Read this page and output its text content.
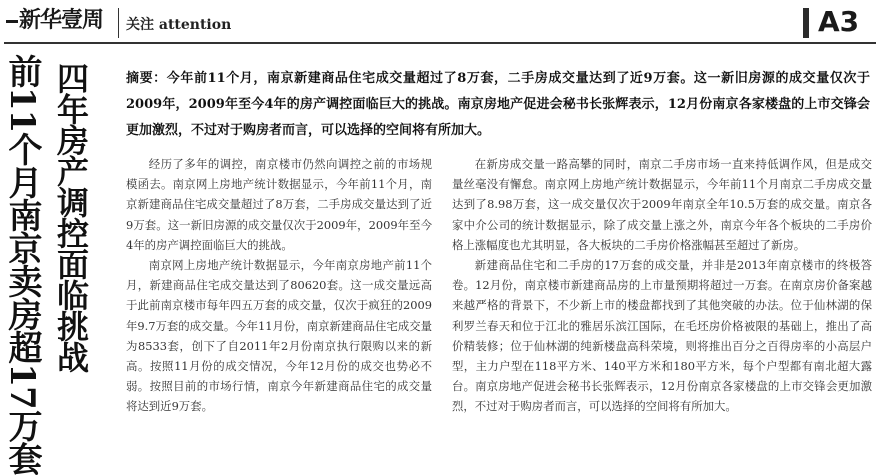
新华壹周	关注 attention	A3
前11个月南京卖房超17万套 四年房产调控面临挑战	摘要：今年前11个月，南京新建商品住宅成交量超过了8万套，二手房成交量达到了近9万套。这一新旧房源的成交量仅次于2009年，2009年至今4年的房产调控面临巨大的挑战。南京房地产促进会秘书长张辉表示，12月份南京各家楼盘的上市交锋会更加激烈，不过对于购房者而言，可以选择的空间将有所加大。

经历了多年的调控，南京楼市仍然向调控之前的市场规模函去。南京网上房地产统计数据显示，今年前11个月，南京新建商品住宅成交量超过了8万套，二手房成交量达到了近9万套。这一新旧房源的成交量仅次于2009年，2009年至今4年的房产调控面临巨大的挑战。

南京网上房地产统计数据显示，今年南京房地产前11个月，新建商品住宅成交量达到了80620套。这一成交量远高于此前南京楼市每年四五万套的成交量，仅次于疯狂的2009年9.7万套的成交量。今年11月份，南京新建商品住宅成交量为8533套，创下了自2011年2月份南京执行限购以来的新高。按照11月份的成交情况，今年12月份的成交也势必不弱。按照目前的市场行情，南京今年新建商品住宅的成交量将达到近9万套。

在新房成交量一路高攀的同时，南京二手房市场一直来持低调作风，但是成交量丝毫没有懈怠。南京网上房地产统计数据显示，今年前11个月南京二手房成交量达到了8.98万套，这一成交量仅次于2009年南京全年10.5万套的成交量。南京各家中介公司的统计数据显示，除了成交量上涨之外，南京今年各个板块的二手房价格上涨幅度也尤其明显，各大板块的二手房价格涨幅甚至超过了新房。

新建商品住宅和二手房的17万套的成交量，并非是2013年南京楼市的终极答卷。12月份，南京楼市新建商品房的上市量预期将超过一万套。在南京房价备案越来越严格的背景下，不少新上市的楼盘都找到了其他突破的办法。位于仙林湖的保利罗兰春天和位于江北的雅居乐滨江国际，在毛坯房价格被限的基础上，推出了高价精装修；位于仙林湖的纯新楼盘高科荣境，则将推出百分之百得房率的小高层户型，主力户型在118平方米、140平方米和180平方米，每个户型都有南北超大露台。南京房地产促进会秘书长张辉表示，12月份南京各家楼盘的上市交锋会更加激烈，不过对于购房者而言，可以选择的空间将有所加大。
